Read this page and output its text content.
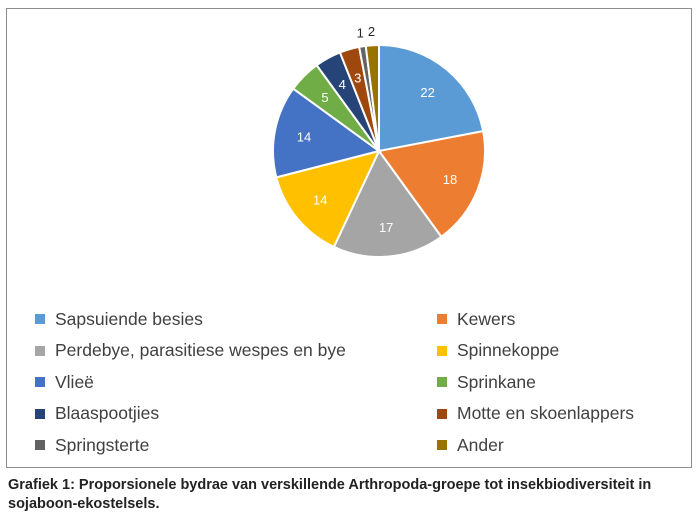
22
18
17
14
14
5
4 3
1 2
Sapsuiende besies	Kewers
Perdebye, parasitiese wespes en bye	Spinnekoppe
Vlieë	Sprinkane
Blaaspootjies	Motte en skoenlappers
Springsterte	Ander
Grafiek 1: Proporsionele bydrae van verskillende Arthropoda-groepe tot insekbiodiversiteit in sojaboon-ekostelsels.
